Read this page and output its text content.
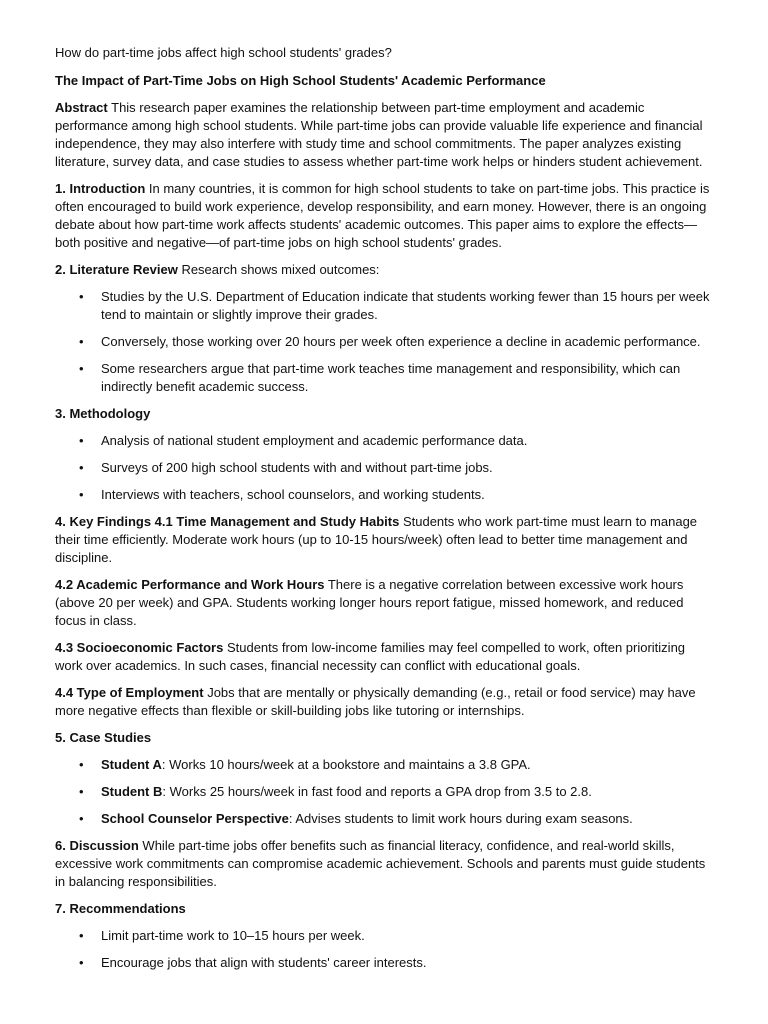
How do part-time jobs affect high school students' grades?

The Impact of Part-Time Jobs on High School Students' Academic Performance

Abstract This research paper examines the relationship between part-time employment and academic performance among high school students. While part-time jobs can provide valuable life experience and financial independence, they may also interfere with study time and school commitments. The paper analyzes existing literature, survey data, and case studies to assess whether part-time work helps or hinders student achievement.

1. Introduction In many countries, it is common for high school students to take on part-time jobs. This practice is often encouraged to build work experience, develop responsibility, and earn money. However, there is an ongoing debate about how part-time work affects students' academic outcomes. This paper aims to explore the effects—both positive and negative—of part-time jobs on high school students' grades.

2. Literature Review Research shows mixed outcomes:

• Studies by the U.S. Department of Education indicate that students working fewer than 15 hours per week tend to maintain or slightly improve their grades.
• Conversely, those working over 20 hours per week often experience a decline in academic performance.
• Some researchers argue that part-time work teaches time management and responsibility, which can indirectly benefit academic success.

3. Methodology

• Analysis of national student employment and academic performance data.
• Surveys of 200 high school students with and without part-time jobs.
• Interviews with teachers, school counselors, and working students.

4. Key Findings 4.1 Time Management and Study Habits Students who work part-time must learn to manage their time efficiently. Moderate work hours (up to 10-15 hours/week) often lead to better time management and discipline.

4.2 Academic Performance and Work Hours There is a negative correlation between excessive work hours (above 20 per week) and GPA. Students working longer hours report fatigue, missed homework, and reduced focus in class.

4.3 Socioeconomic Factors Students from low-income families may feel compelled to work, often prioritizing work over academics. In such cases, financial necessity can conflict with educational goals.

4.4 Type of Employment Jobs that are mentally or physically demanding (e.g., retail or food service) may have more negative effects than flexible or skill-building jobs like tutoring or internships.

5. Case Studies

• Student A: Works 10 hours/week at a bookstore and maintains a 3.8 GPA.
• Student B: Works 25 hours/week in fast food and reports a GPA drop from 3.5 to 2.8.
• School Counselor Perspective: Advises students to limit work hours during exam seasons.

6. Discussion While part-time jobs offer benefits such as financial literacy, confidence, and real-world skills, excessive work commitments can compromise academic achievement. Schools and parents must guide students in balancing responsibilities.

7. Recommendations

• Limit part-time work to 10–15 hours per week.
• Encourage jobs that align with students' career interests.
